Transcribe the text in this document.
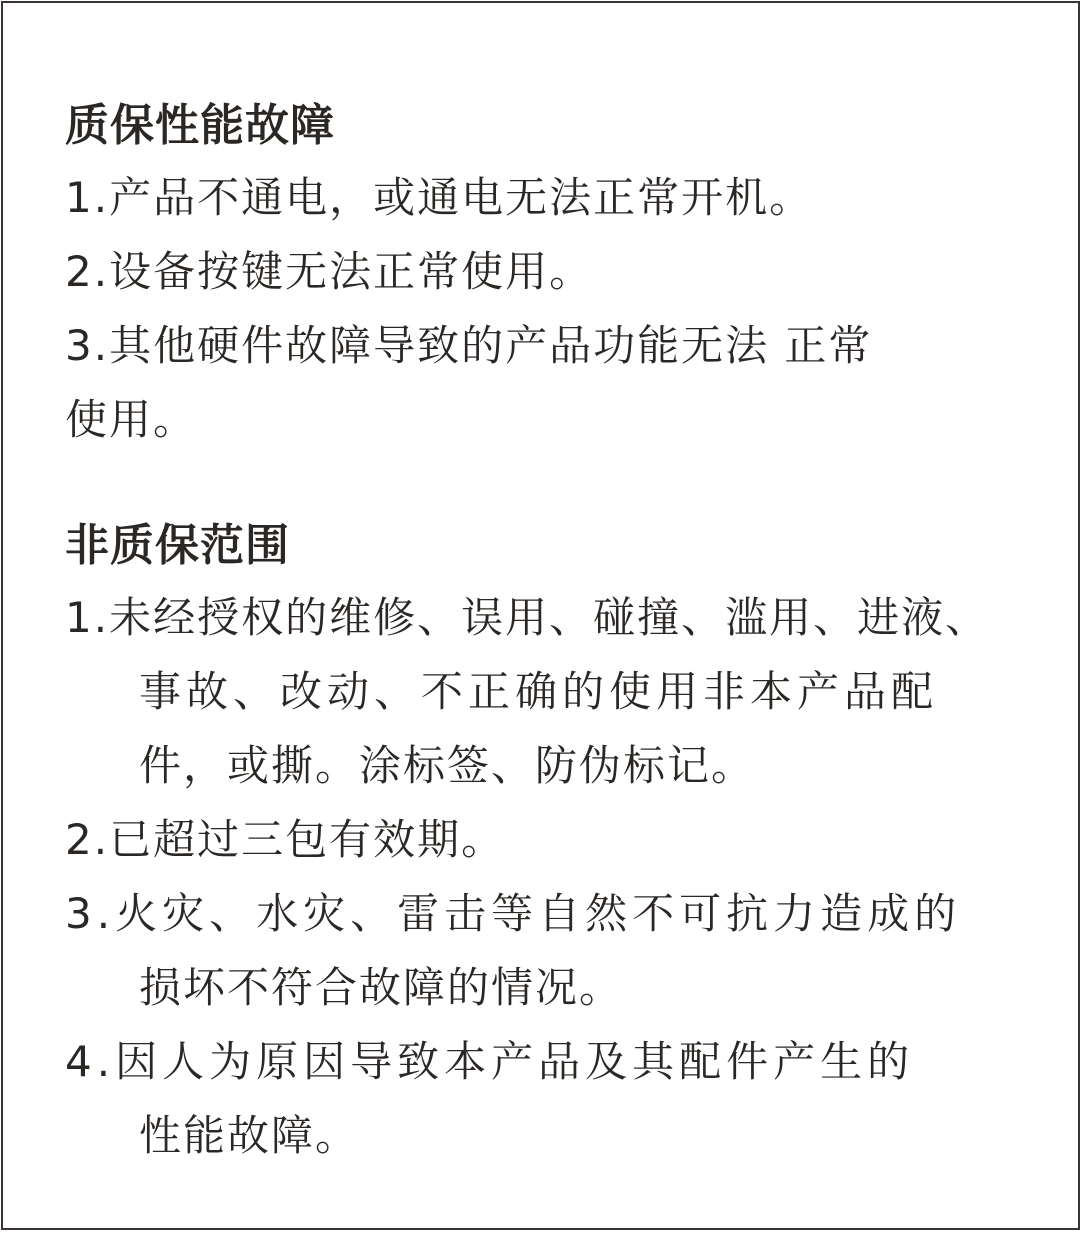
质保性能故障
1.产品不通电，或通电无法正常开机。
2.设备按键无法正常使用。
3.其他硬件故障导致的产品功能无法 正常
使用。
非质保范围
1.未经授权的维修、误用、碰撞、滥用、进液、
事故、改动、不正确的使用非本产品配
件，或撕。涂标签、防伪标记。
2.已超过三包有效期。
3.火灾、水灾、雷击等自然不可抗力造成的
损坏不符合故障的情况。
4.因人为原因导致本产品及其配件产生的
性能故障。
